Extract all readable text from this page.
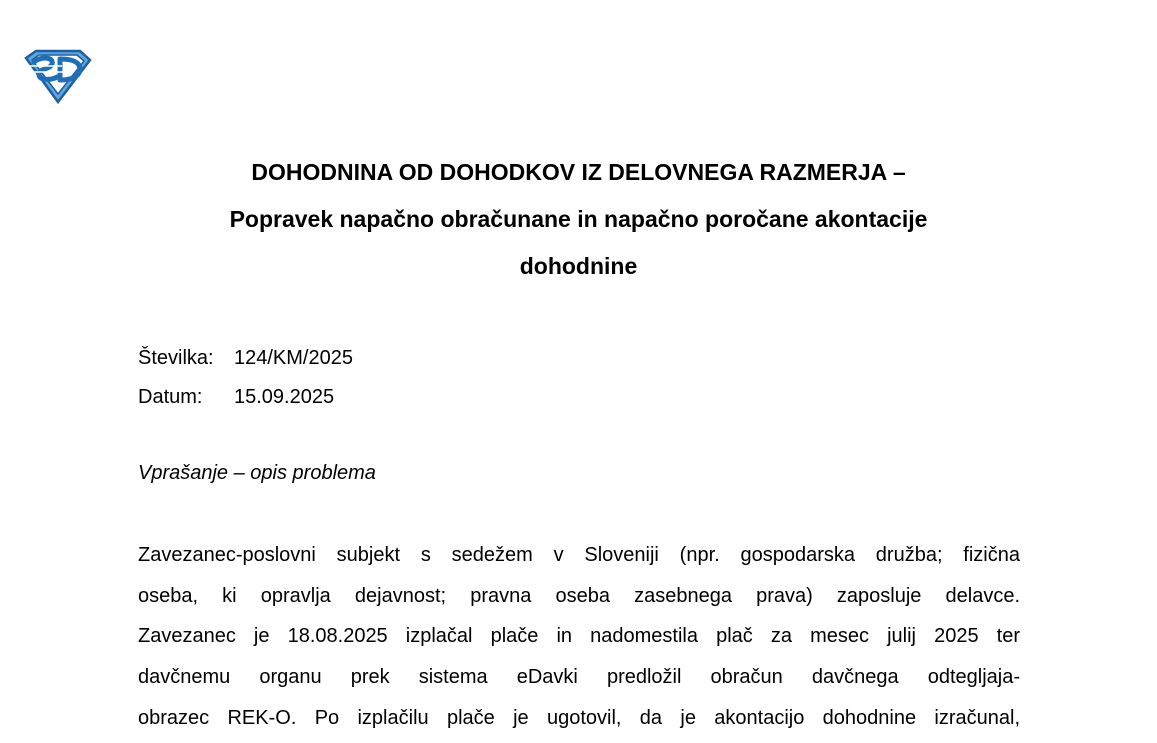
DOHODNINA OD DOHODKOV IZ DELOVNEGA RAZMERJA –
Popravek napačno obračunane in napačno poročane akontacije
dohodnine
Številka:	124/KM/2025
Datum:	15.09.2025
Vprašanje – opis problema
Zavezanec-poslovni subjekt s sedežem v Sloveniji (npr. gospodarska družba; fizična
oseba, ki opravlja dejavnost; pravna oseba zasebnega prava) zaposluje delavce.
Zavezanec je 18.08.2025 izplačal plače in nadomestila plač za mesec julij 2025 ter
davčnemu organu prek sistema eDavki predložil obračun davčnega odtegljaja-
obrazec REK-O. Po izplačilu plače je ugotovil, da je akontacijo dohodnine izračunal,
